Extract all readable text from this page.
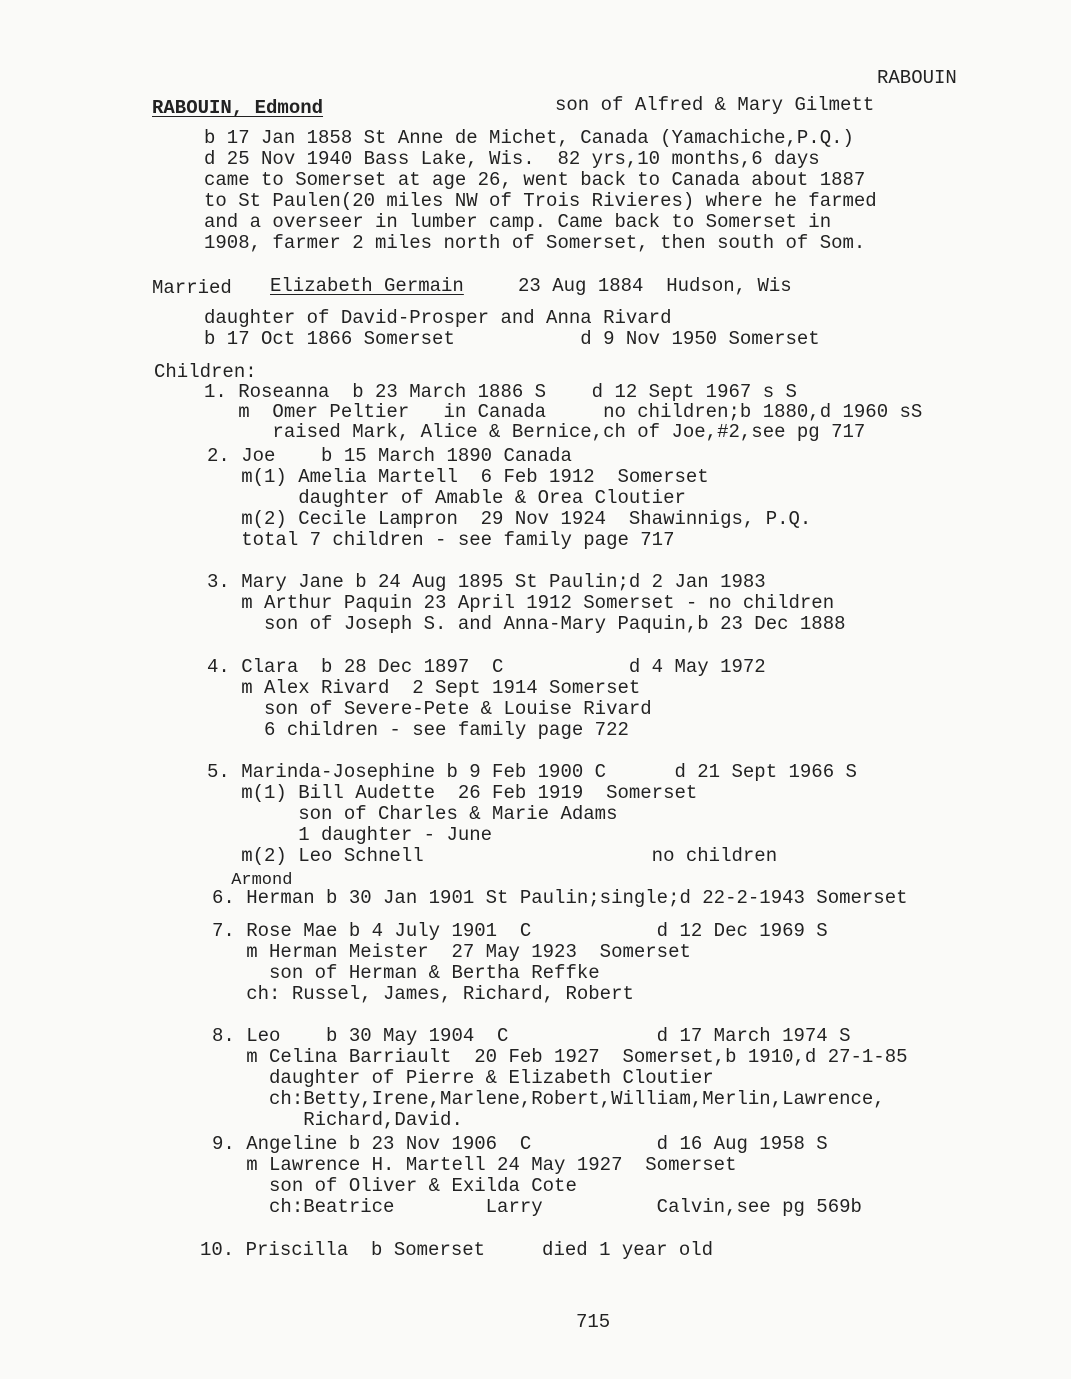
RABOUIN

RABOUIN, Edmond	son of Alfred & Mary Gilmett

b 17 Jan 1858 St Anne de Michet, Canada (Yamachiche,P.Q.)

d 25 Nov 1940 Bass Lake, Wis.  82 yrs,10 months,6 days

came to Somerset at age 26, went back to Canada about 1887

to St Paulen(20 miles NW of Trois Rivieres) where he farmed

and a overseer in lumber camp. Came back to Somerset in

1908, farmer 2 miles north of Somerset, then south of Som.

Married Elizabeth Germain	23 Aug 1884  Hudson, Wis

daughter of David-Prosper and Anna Rivard

b 17 Oct 1866 Somerset           d 9 Nov 1950 Somerset

Children:

1. Roseanna  b 23 March 1886 S    d 12 Sept 1967 s S

m  Omer Peltier   in Canada     no children;b 1880,d 1960 sS

raised Mark, Alice & Bernice,ch of Joe,#2,see pg 717

2. Joe    b 15 March 1890 Canada

m(1) Amelia Martell  6 Feb 1912  Somerset

daughter of Amable & Orea Cloutier

m(2) Cecile Lampron  29 Nov 1924  Shawinnigs, P.Q.

total 7 children - see family page 717

3. Mary Jane b 24 Aug 1895 St Paulin;d 2 Jan 1983

m Arthur Paquin 23 April 1912 Somerset - no children

son of Joseph S. and Anna-Mary Paquin,b 23 Dec 1888

4. Clara  b 28 Dec 1897  C           d 4 May 1972

m Alex Rivard  2 Sept 1914 Somerset

son of Severe-Pete & Louise Rivard

6 children - see family page 722

5. Marinda-Josephine b 9 Feb 1900 C      d 21 Sept 1966 S

m(1) Bill Audette  26 Feb 1919  Somerset

son of Charles & Marie Adams

1 daughter - June

m(2) Leo Schnell                    no children

Armond

6. Herman b 30 Jan 1901 St Paulin;single;d 22-2-1943 Somerset

7. Rose Mae b 4 July 1901  C           d 12 Dec 1969 S

m Herman Meister  27 May 1923  Somerset

son of Herman & Bertha Reffke

ch: Russel, James, Richard, Robert

8. Leo    b 30 May 1904  C             d 17 March 1974 S

m Celina Barriault  20 Feb 1927  Somerset,b 1910,d 27-1-85

daughter of Pierre & Elizabeth Cloutier

ch:Betty,Irene,Marlene,Robert,William,Merlin,Lawrence,

Richard,David.

9. Angeline b 23 Nov 1906  C           d 16 Aug 1958 S

m Lawrence H. Martell 24 May 1927  Somerset

son of Oliver & Exilda Cote

ch:Beatrice        Larry          Calvin,see pg 569b

10. Priscilla  b Somerset     died 1 year old

715
